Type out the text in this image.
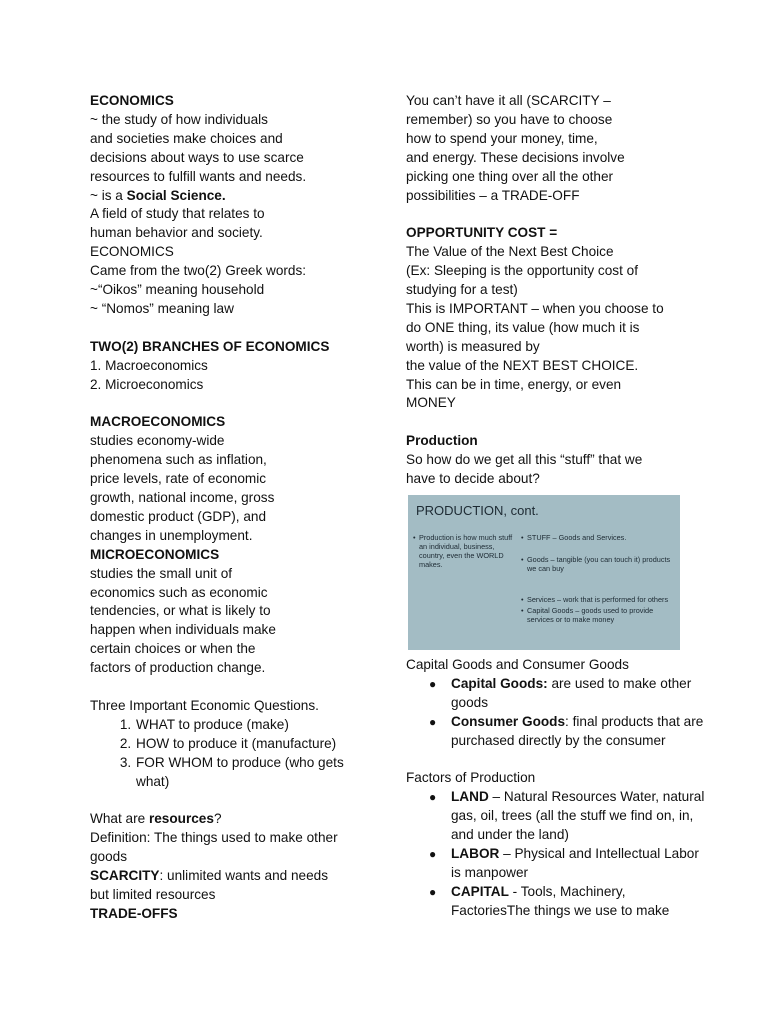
ECONOMICS
~ the study of how individuals
and societies make choices and
decisions about ways to use scarce
resources to fulfill wants and needs.
~ is a Social Science.
A field of study that relates to
human behavior and society.
ECONOMICS
Came from the two(2) Greek words:
~“Oikos” meaning household
~ “Nomos” meaning law
TWO(2) BRANCHES OF ECONOMICS
1. Macroeconomics
2. Microeconomics
MACROECONOMICS
studies economy-wide
phenomena such as inflation,
price levels, rate of economic
growth, national income, gross
domestic product (GDP), and
changes in unemployment.
MICROECONOMICS
studies the small unit of
economics such as economic
tendencies, or what is likely to
happen when individuals make
certain choices or when the
factors of production change.
Three Important Economic Questions.
1. WHAT to produce (make)
2. HOW to produce it (manufacture)
3. FOR WHOM to produce (who gets what)
What are resources?
Definition: The things used to make other
goods
SCARCITY: unlimited wants and needs
but limited resources
TRADE-OFFS
You can’t have it all (SCARCITY –
remember) so you have to choose
how to spend your money, time,
and energy. These decisions involve
picking one thing over all the other
possibilities – a TRADE-OFF
OPPORTUNITY COST =
The Value of the Next Best Choice
(Ex: Sleeping is the opportunity cost of
studying for a test)
This is IMPORTANT – when you choose to
do ONE thing, its value (how much it is
worth) is measured by
the value of the NEXT BEST CHOICE.
This can be in time, energy, or even
MONEY
Production
So how do we get all this “stuff” that we
have to decide about?
PRODUCTION, cont.
• Production is how much stuff an individual, business, country, even the WORLD makes.
• STUFF – Goods and Services.
• Goods – tangible (you can touch it) products we can buy
• Services – work that is performed for others
• Capital Goods – goods used to provide services or to make money
Capital Goods and Consumer Goods
● Capital Goods: are used to make other goods
● Consumer Goods: final products that are purchased directly by the consumer
Factors of Production
● LAND – Natural Resources Water, natural gas, oil, trees (all the stuff we find on, in, and under the land)
● LABOR – Physical and Intellectual Labor is manpower
● CAPITAL - Tools, Machinery, FactoriesThe things we use to make
